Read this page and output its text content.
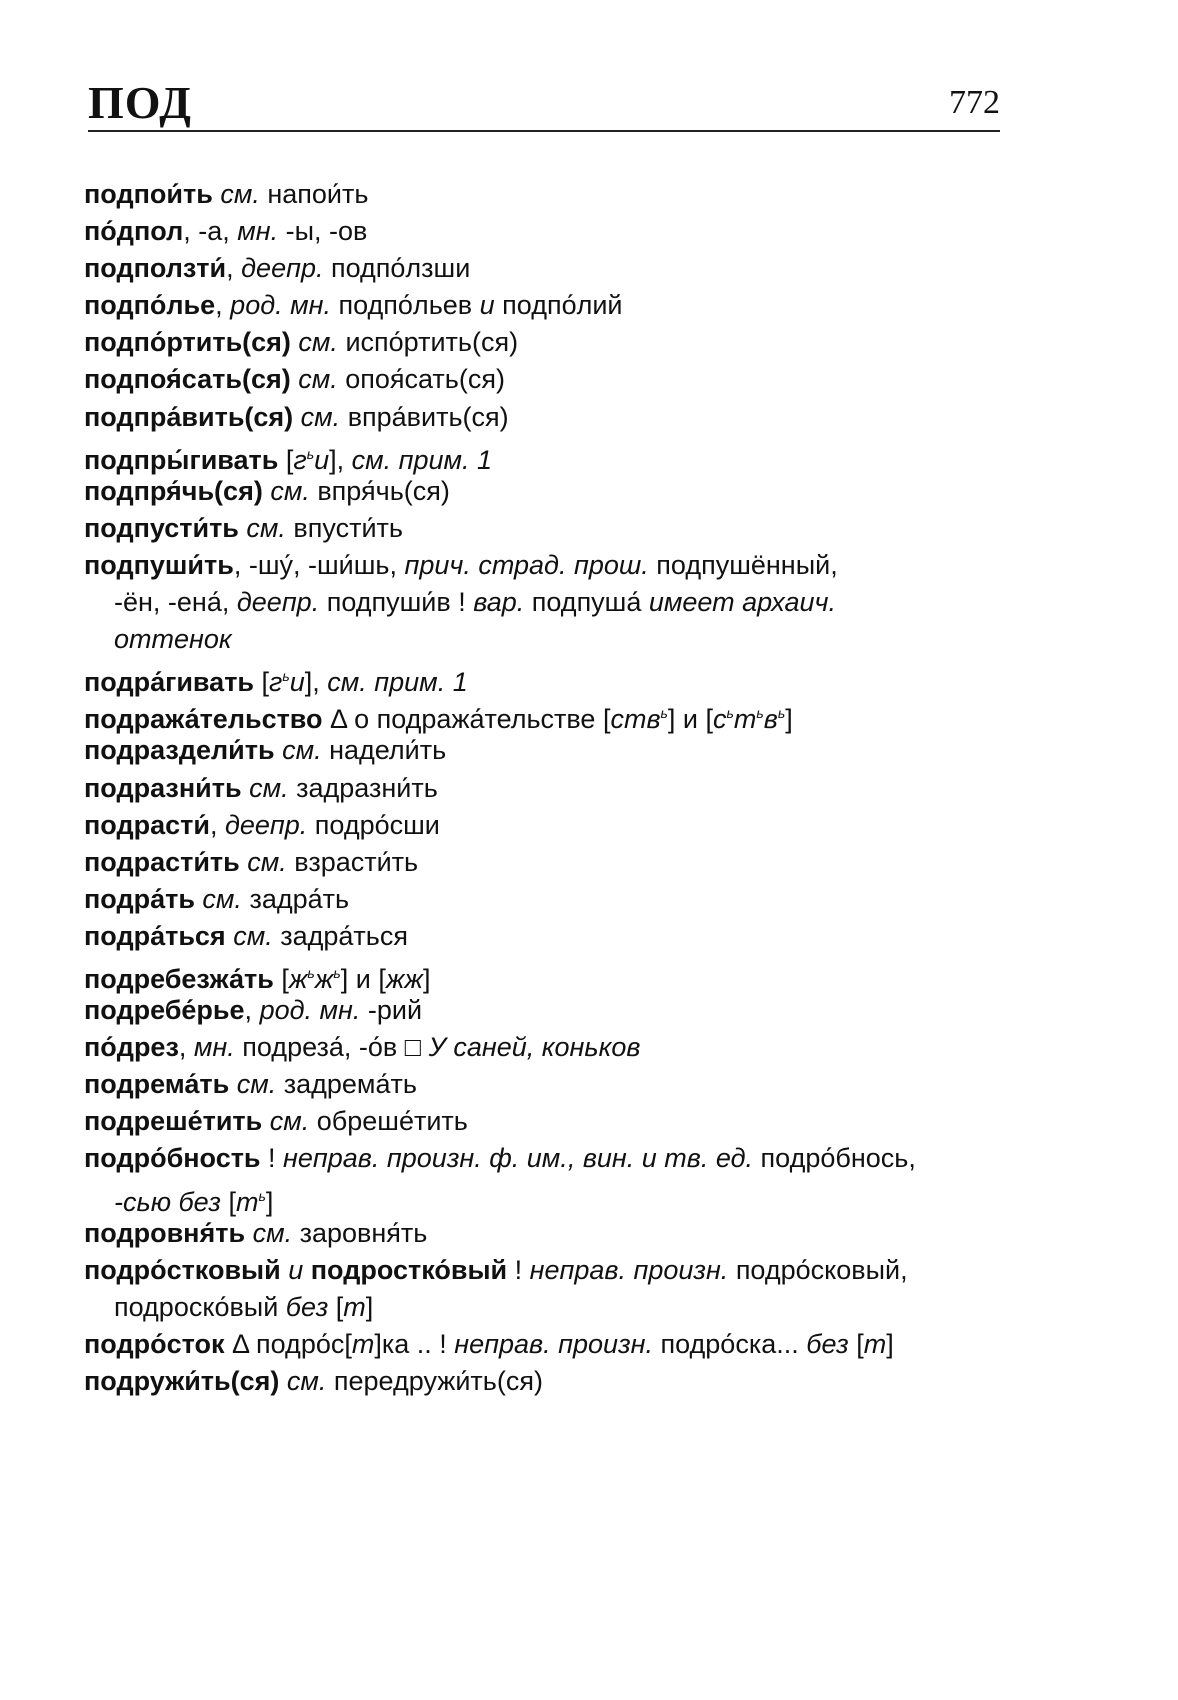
ПОД	772
подпои́ть см. напои́ть
по́дпол, -а, мн. -ы, -ов
подползти́, деепр. подпо́лзши
подпо́лье, род. мн. подпо́льев и подпо́лий
подпо́ртить(ся) см. испо́ртить(ся)
подпоя́сать(ся) см. опоя́сать(ся)
подпра́вить(ся) см. впра́вить(ся)
подпры́гивать $[г^ьи]$, см. прим. 1
подпря́чь(ся) см. впря́чь(ся)
подпусти́ть см. впусти́ть
подпуши́ть, -шу́, -ши́шь, прич. страд. прош. подпушённый,
-ён, -ена́, деепр. подпуши́в ! вар. подпуша́ имеет архаич.
оттенок
подра́гивать $[г^ьи]$, см. прим. 1
подража́тельство Δ о подража́тельстве [ств$^ь$] и $[с^ьт^ьв^ь]$
подраздели́ть см. надели́ть
подразни́ть см. задразни́ть
подрасти́, деепр. подро́сши
подрасти́ть см. взрасти́ть
подра́ть см. задра́ть
подра́ться см. задра́ться
подребезжа́ть $[ж^ьж^ь]$ и [жж]
подребе́рье, род. мн. -рий
по́дрез, мн. подреза́, -о́в □ У саней, коньков
подрема́ть см. задрема́ть
подреше́тить см. обреше́тить
подро́бность ! неправ. произн. ф. им., вин. и тв. ед. подро́бнось,
-сью без $[т^ь]$
подровня́ть см. заровня́ть
подро́стковый и подростко́вый ! неправ. произн. подро́сковый,
подроско́вый без [т]
подро́сток Δ подро́с[т]ка .. ! неправ. произн. подро́ска... без [т]
подружи́ть(ся) см. передружи́ть(ся)
